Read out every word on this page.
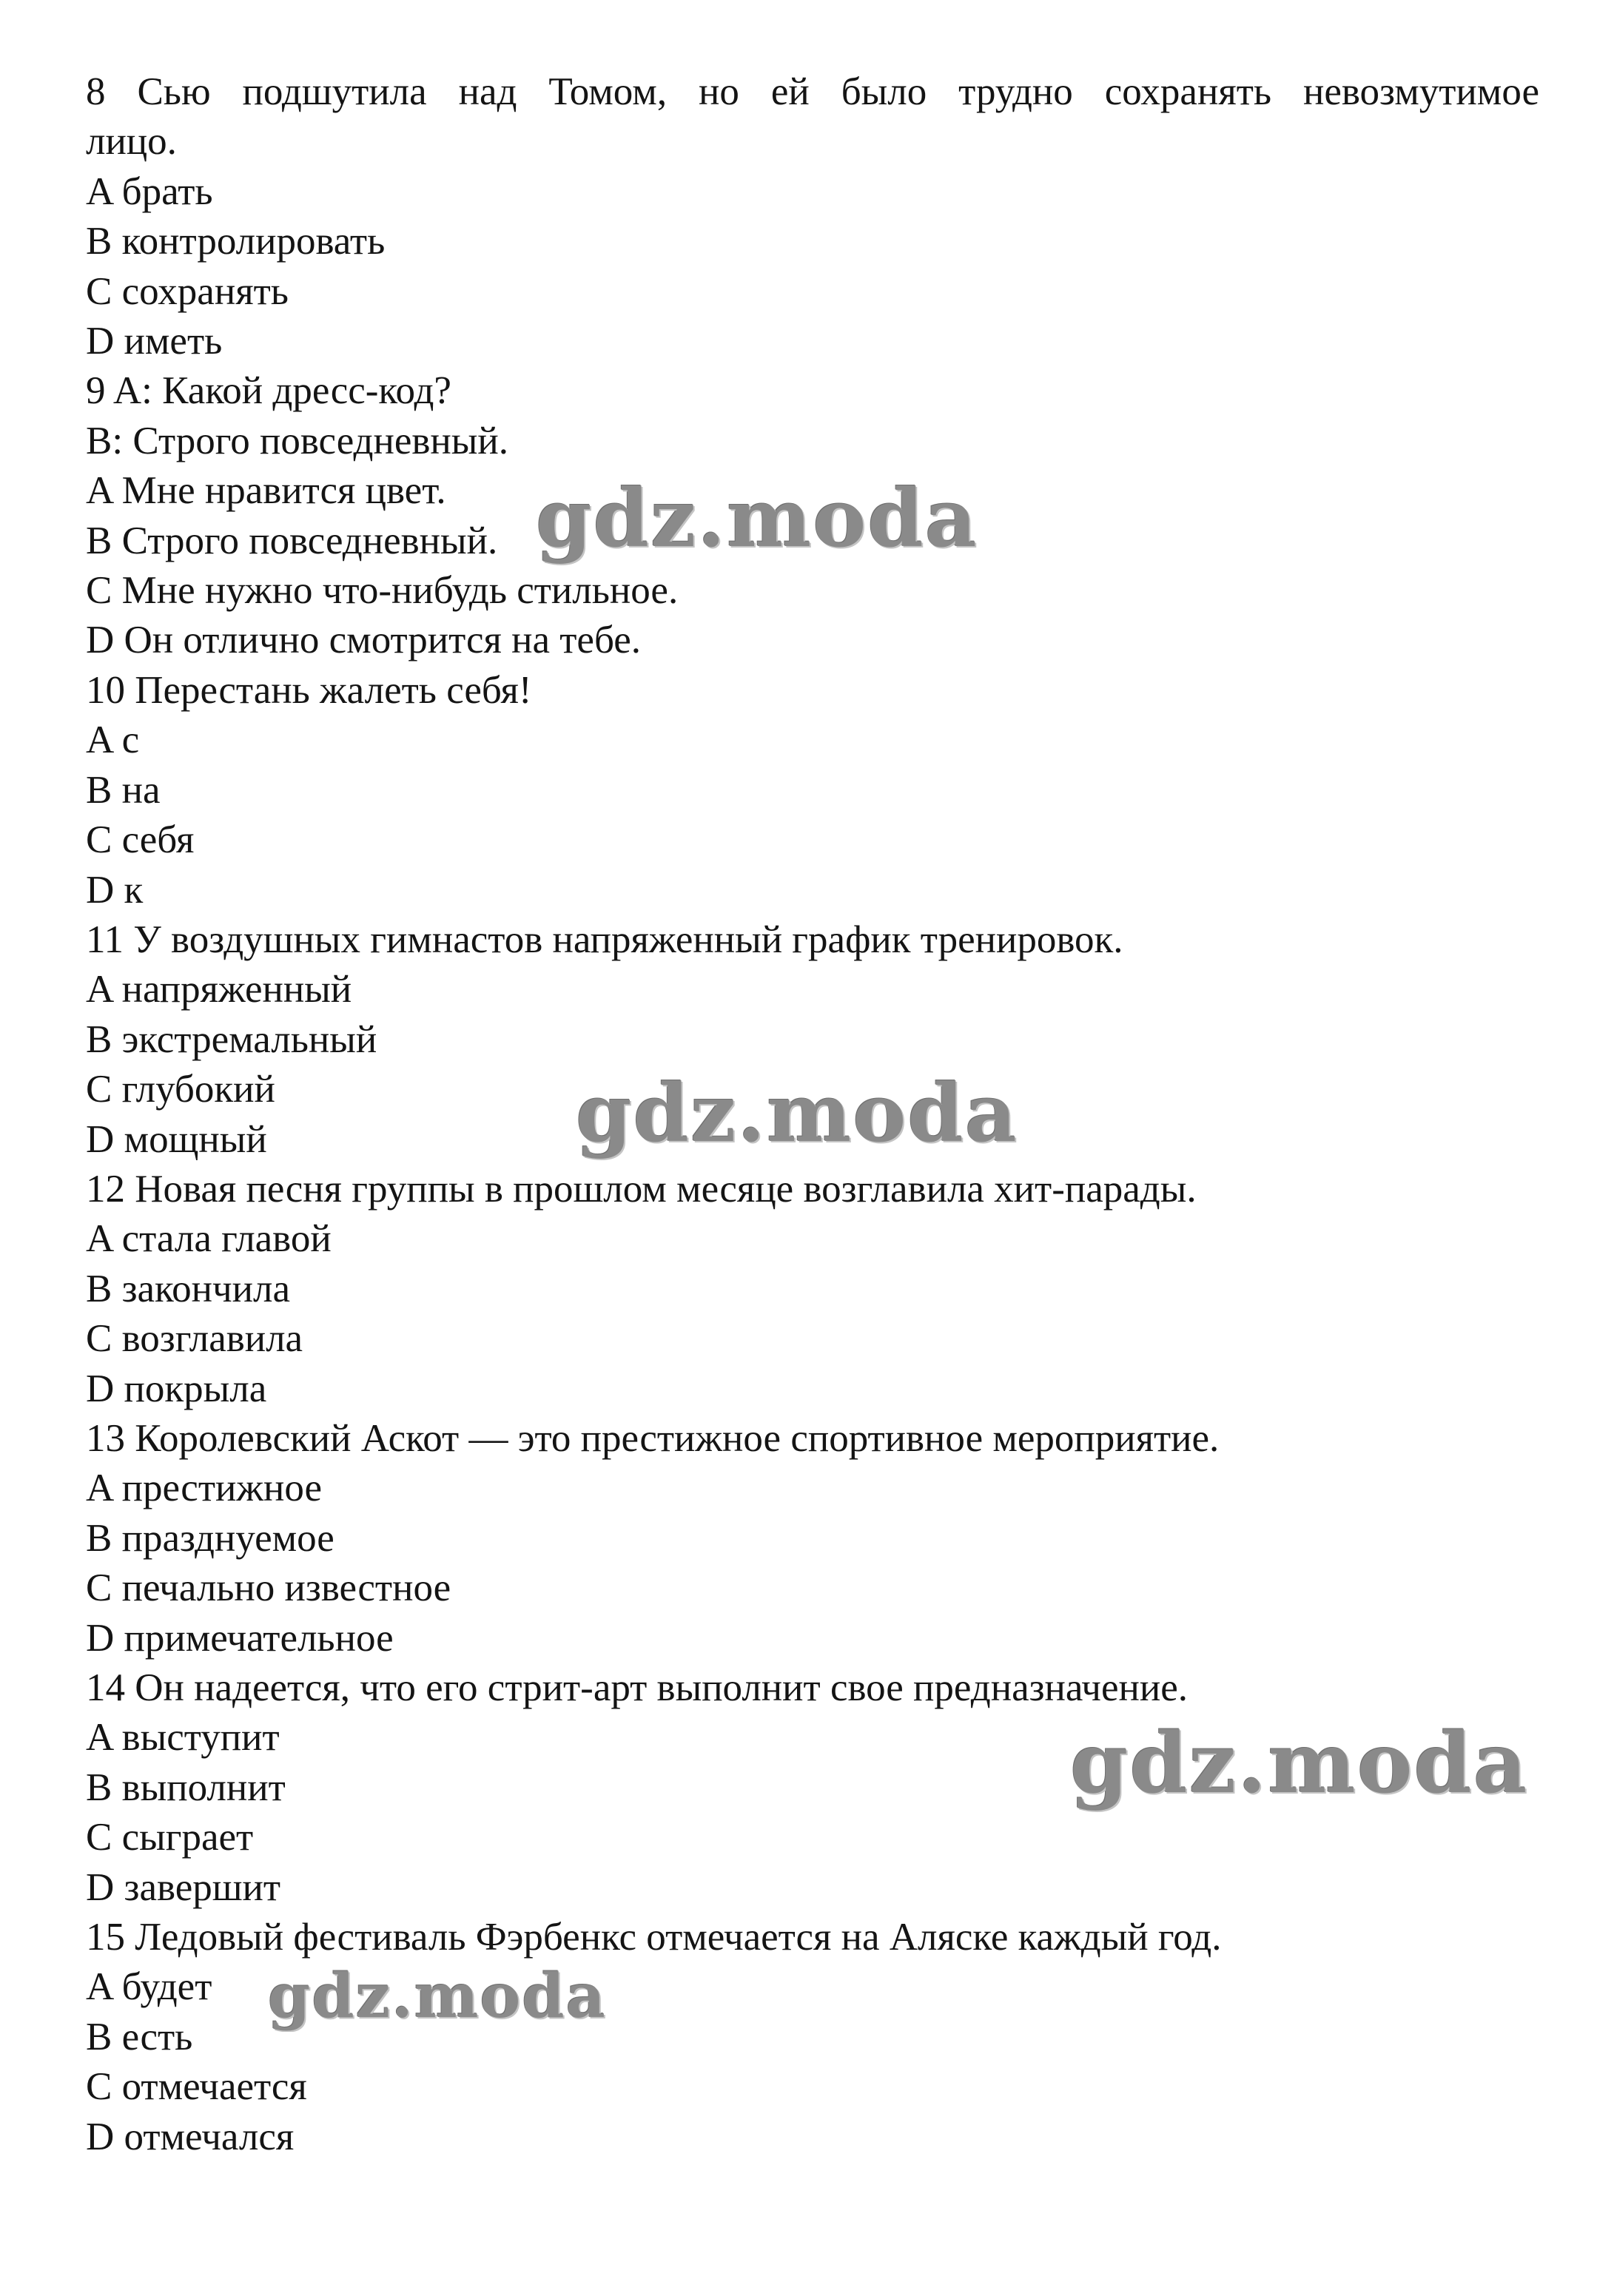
8 Сью подшутила над Томом, но ей было трудно сохранять невозмутимое
лицо.
A брать
B контролировать
C сохранять
D иметь
9 A: Какой дресс-код?
B: Строго повседневный.
A Мне нравится цвет.
B Строго повседневный.
C Мне нужно что-нибудь стильное.
D Он отлично смотрится на тебе.
10 Перестань жалеть себя!
A с
B на
C себя
D к
11 У воздушных гимнастов напряженный график тренировок.
A напряженный
B экстремальный
C глубокий
D мощный
12 Новая песня группы в прошлом месяце возглавила хит-парады.
A стала главой
B закончила
C возглавила
D покрыла
13 Королевский Аскот — это престижное спортивное мероприятие.
A престижное
B празднуемое
C печально известное
D примечательное
14 Он надеется, что его стрит-арт выполнит свое предназначение.
A выступит
B выполнит
C сыграет
D завершит
15 Ледовый фестиваль Фэрбенкс отмечается на Аляске каждый год.
A будет
B есть
C отмечается
D отмечался
gdz.moda
gdz.moda
gdz.moda
gdz.moda
